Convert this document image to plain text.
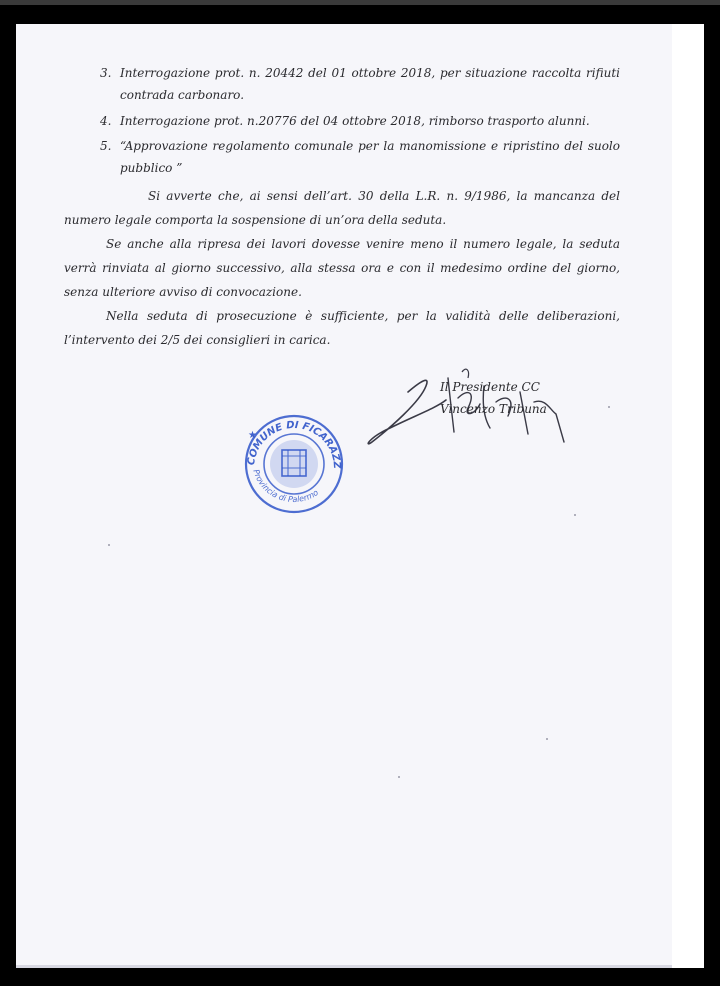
3. Interrogazione prot. n. 20442 del 01 ottobre 2018, per situazione raccolta rifiuti contrada carbonaro.
4. Interrogazione prot. n.20776 del 04 ottobre 2018, rimborso trasporto alunni.
5. “Approvazione regolamento comunale per la manomissione e ripristino del suolo pubblico ”
Si avverte che, ai sensi dell’art. 30 della L.R. n. 9/1986, la mancanza del numero legale comporta la sospensione di un’ora della seduta.
Se anche alla ripresa dei lavori dovesse venire meno il numero legale, la seduta verrà rinviata al giorno successivo, alla stessa ora e con il medesimo ordine del giorno, senza ulteriore avviso di convocazione.
Nella seduta di prosecuzione è sufficiente, per la validità delle deliberazioni, l’intervento dei 2/5 dei consiglieri in carica.
COMUNE DI FICARAZZ
Provincia di Palermo
★
Il Presidente CC
Vincenzo Tribuna
